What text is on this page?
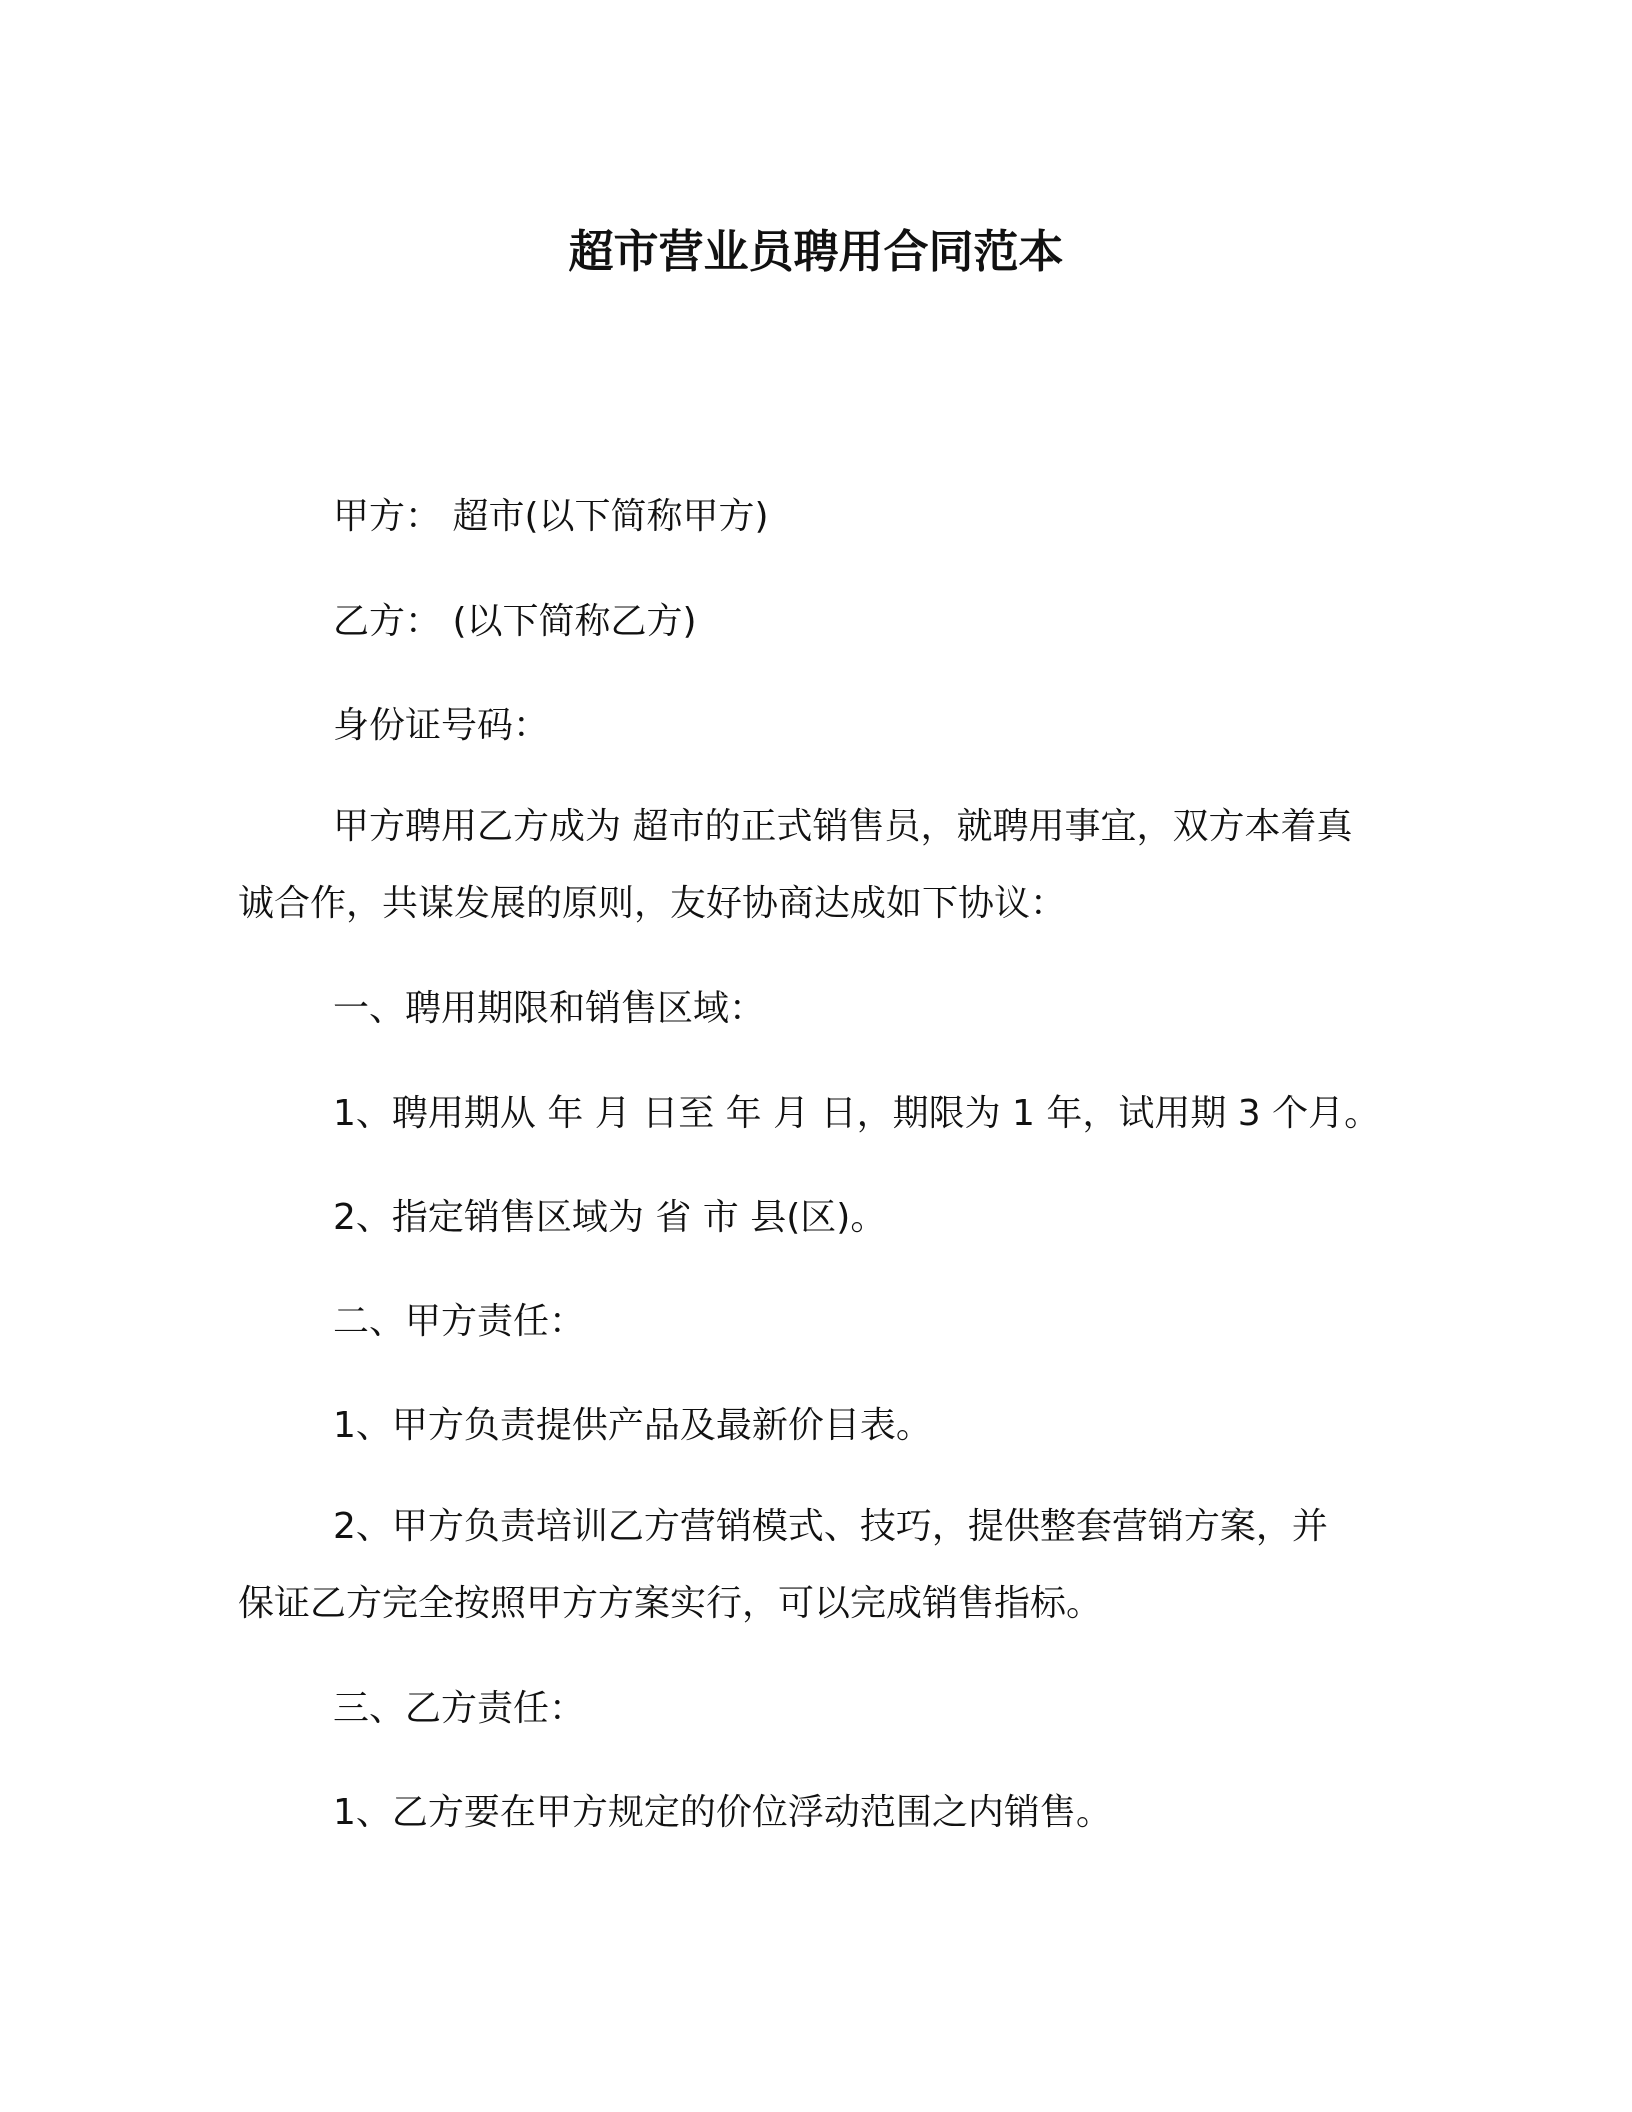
超市营业员聘用合同范本
甲方： 超市(以下简称甲方)
乙方： (以下简称乙方)
身份证号码：
甲方聘用乙方成为 超市的正式销售员，就聘用事宜，双方本着真
诚合作，共谋发展的原则，友好协商达成如下协议：
一、聘用期限和销售区域：
1、聘用期从 年 月 日至 年 月 日，期限为 1 年，试用期 3 个月。
2、指定销售区域为 省 市 县(区)。
二、甲方责任：
1、甲方负责提供产品及最新价目表。
2、甲方负责培训乙方营销模式、技巧，提供整套营销方案，并
保证乙方完全按照甲方方案实行，可以完成销售指标。
三、乙方责任：
1、乙方要在甲方规定的价位浮动范围之内销售。
